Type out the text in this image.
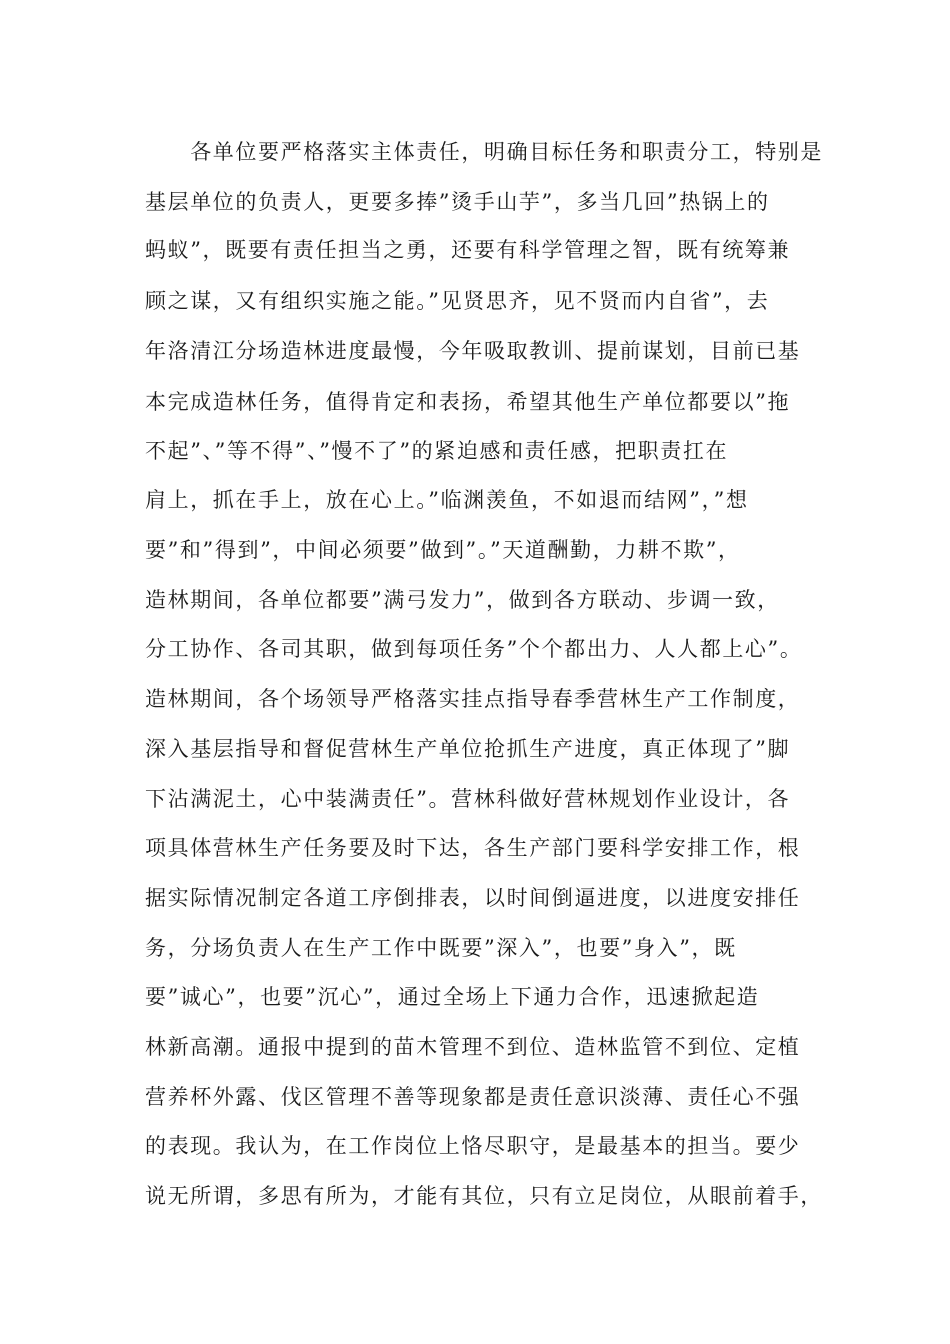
　　各单位要严格落实主体责任，明确目标任务和职责分工，特别是
基层单位的负责人，更要多捧”烫手山芋”，多当几回”热锅上的
蚂蚁”，既要有责任担当之勇，还要有科学管理之智，既有统筹兼
顾之谋，又有组织实施之能。”见贤思齐，见不贤而内自省”，去
年洛清江分场造林进度最慢，今年吸取教训、提前谋划，目前已基
本完成造林任务，值得肯定和表扬，希望其他生产单位都要以”拖
不起”、”等不得”、”慢不了”的紧迫感和责任感，把职责扛在
肩上，抓在手上，放在心上。”临渊羡鱼，不如退而结网”，”想
要”和”得到”，中间必须要”做到”。”天道酬勤，力耕不欺”，
造林期间，各单位都要”满弓发力”，做到各方联动、步调一致，
分工协作、各司其职，做到每项任务”个个都出力、人人都上心”。
造林期间，各个场领导严格落实挂点指导春季营林生产工作制度，
深入基层指导和督促营林生产单位抢抓生产进度，真正体现了”脚
下沾满泥土，心中装满责任”。营林科做好营林规划作业设计，各
项具体营林生产任务要及时下达，各生产部门要科学安排工作，根
据实际情况制定各道工序倒排表，以时间倒逼进度，以进度安排任
务，分场负责人在生产工作中既要”深入”，也要”身入”，既
要”诚心”，也要”沉心”，通过全场上下通力合作，迅速掀起造
林新高潮。通报中提到的苗木管理不到位、造林监管不到位、定植
营养杯外露、伐区管理不善等现象都是责任意识淡薄、责任心不强
的表现。我认为，在工作岗位上恪尽职守，是最基本的担当。要少
说无所谓，多思有所为，才能有其位，只有立足岗位，从眼前着手，
